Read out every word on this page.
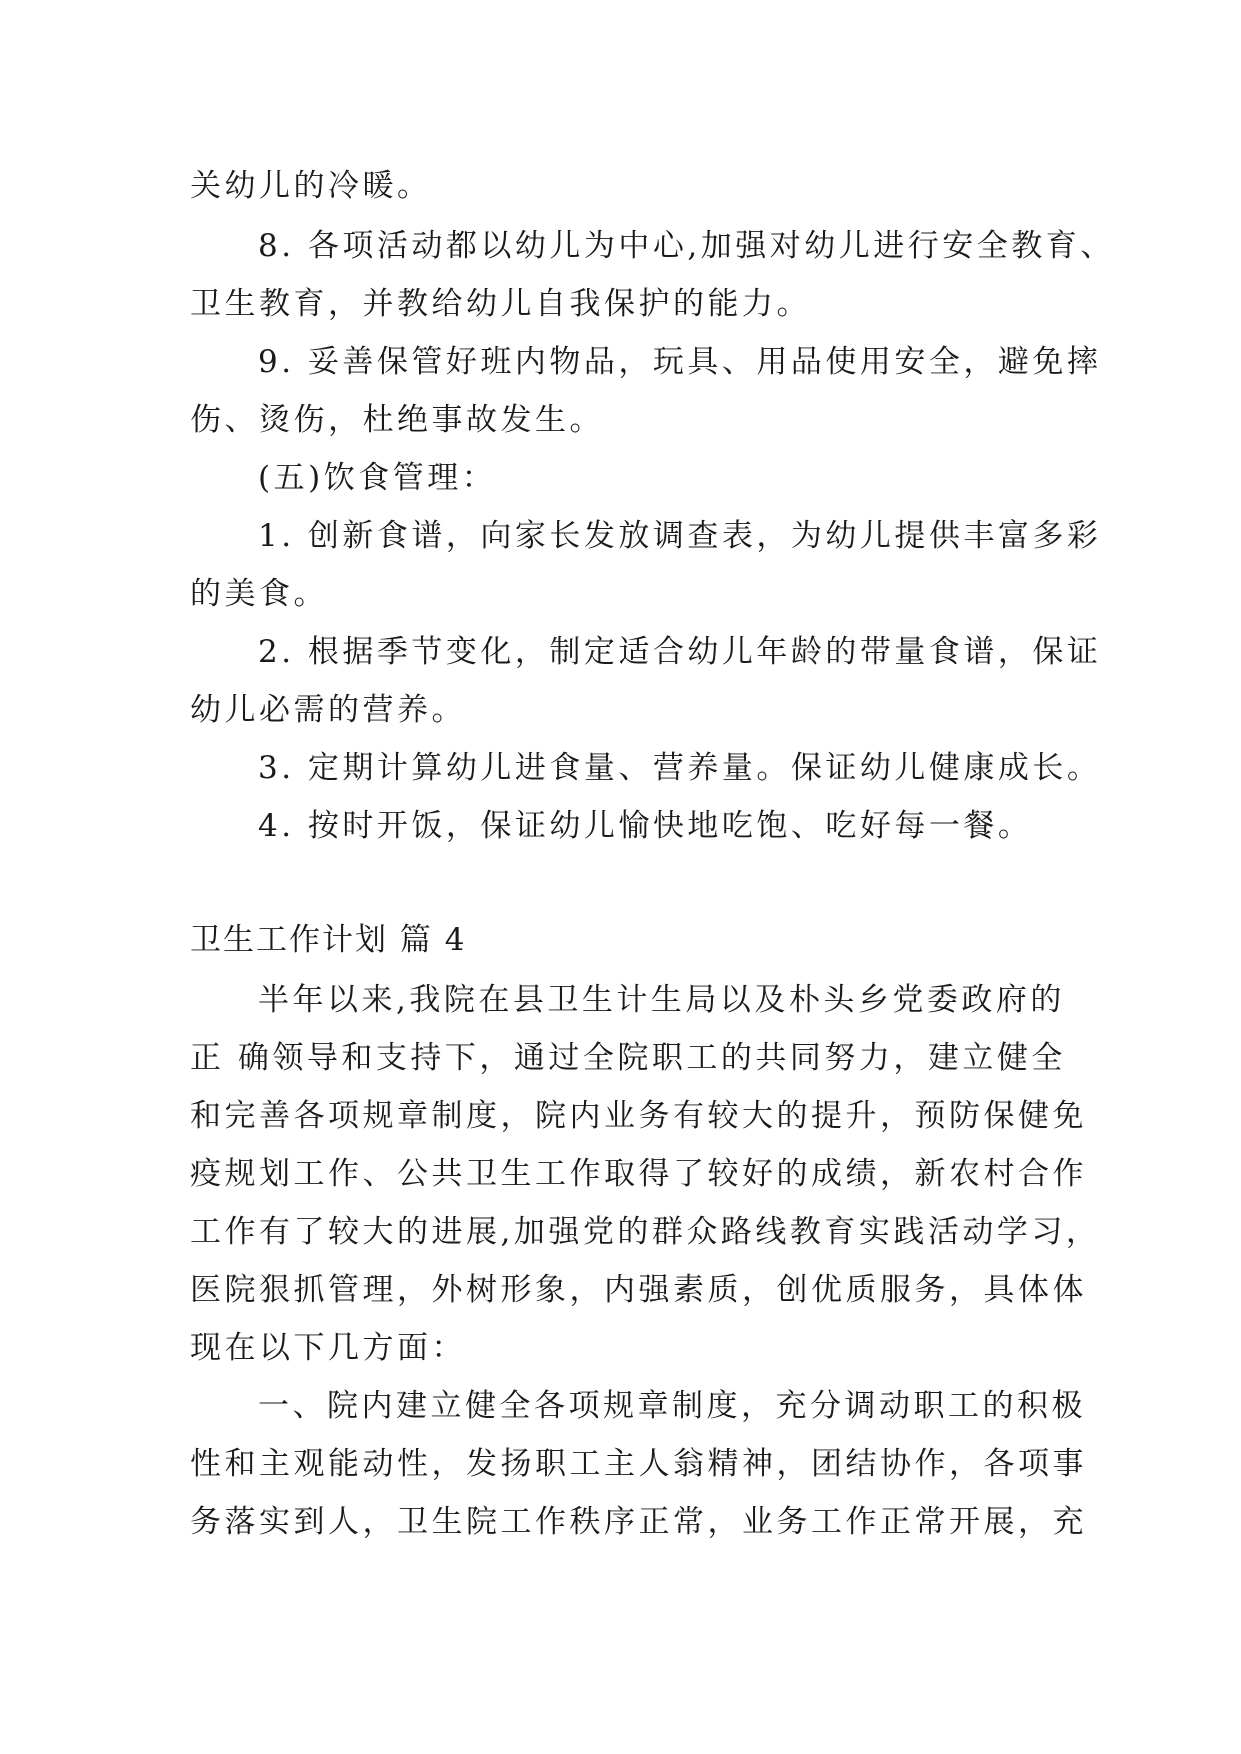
关幼儿的冷暖。
8. 各项活动都以幼儿为中心,加强对幼儿进行安全教育、
卫生教育，并教给幼儿自我保护的能力。
9. 妥善保管好班内物品，玩具、用品使用安全，避免摔
伤、烫伤，杜绝事故发生。
(五)饮食管理：
1. 创新食谱，向家长发放调查表，为幼儿提供丰富多彩
的美食。
2. 根据季节变化，制定适合幼儿年龄的带量食谱，保证
幼儿必需的营养。
3. 定期计算幼儿进食量、营养量。保证幼儿健康成长。
4. 按时开饭，保证幼儿愉快地吃饱、吃好每一餐。
卫生工作计划 篇 4
半年以来,我院在县卫生计生局以及朴头乡党委政府的
正 确领导和支持下，通过全院职工的共同努力，建立健全
和完善各项规章制度，院内业务有较大的提升，预防保健免
疫规划工作、公共卫生工作取得了较好的成绩，新农村合作
工作有了较大的进展,加强党的群众路线教育实践活动学习，
医院狠抓管理，外树形象，内强素质，创优质服务，具体体
现在以下几方面：
一、院内建立健全各项规章制度，充分调动职工的积极
性和主观能动性，发扬职工主人翁精神，团结协作，各项事
务落实到人，卫生院工作秩序正常，业务工作正常开展，充
